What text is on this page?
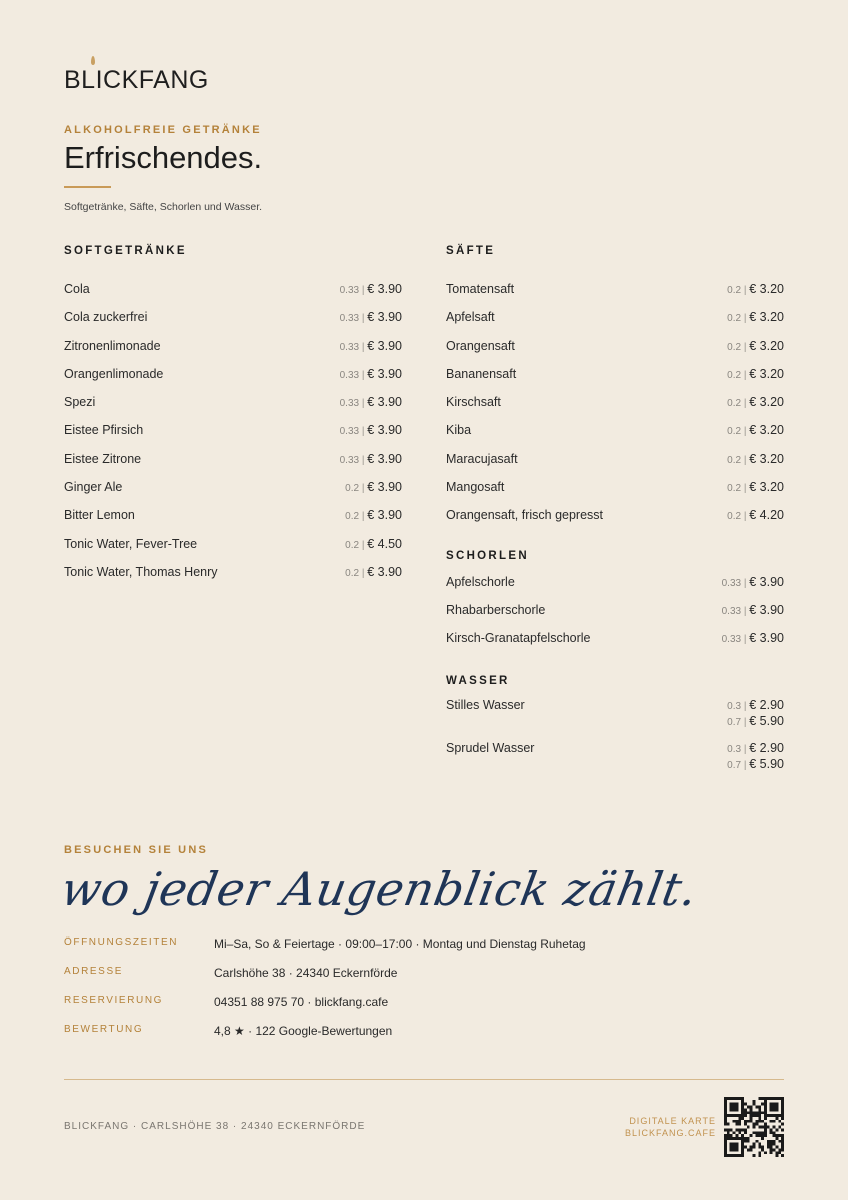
BLICKFANG
ALKOHOLFREIE GETRÄNKE
Erfrischendes.
Softgetränke, Säfte, Schorlen und Wasser.
SOFTGETRÄNKE
Cola	0.33 | € 3.90
Cola zuckerfrei	0.33 | € 3.90
Zitronenlimonade	0.33 | € 3.90
Orangenlimonade	0.33 | € 3.90
Spezi	0.33 | € 3.90
Eistee Pfirsich	0.33 | € 3.90
Eistee Zitrone	0.33 | € 3.90
Ginger Ale	0.2 | € 3.90
Bitter Lemon	0.2 | € 3.90
Tonic Water, Fever-Tree	0.2 | € 4.50
Tonic Water, Thomas Henry	0.2 | € 3.90
SÄFTE
Tomatensaft	0.2 | € 3.20
Apfelsaft	0.2 | € 3.20
Orangensaft	0.2 | € 3.20
Bananensaft	0.2 | € 3.20
Kirschsaft	0.2 | € 3.20
Kiba	0.2 | € 3.20
Maracujasaft	0.2 | € 3.20
Mangosaft	0.2 | € 3.20
Orangensaft, frisch gepresst	0.2 | € 4.20
SCHORLEN
Apfelschorle	0.33 | € 3.90
Rhabarberschorle	0.33 | € 3.90
Kirsch-Granatapfelschorle	0.33 | € 3.90
WASSER
Stilles Wasser	0.3 | € 2.90
0.7 | € 5.90
Sprudel Wasser	0.3 | € 2.90
0.7 | € 5.90
BESUCHEN SIE UNS
wo jeder Augenblick zählt.
ÖFFNUNGSZEITEN	Mi–Sa, So & Feiertage · 09:00–17:00 · Montag und Dienstag Ruhetag
ADRESSE	Carlshöhe 38 · 24340 Eckernförde
RESERVIERUNG	04351 88 975 70 · blickfang.cafe
BEWERTUNG	4,8 ★ · 122 Google-Bewertungen
BLICKFANG · CARLSHÖHE 38 · 24340 ECKERNFÖRDE	DIGITALE KARTE
BLICKFANG.CAFE
